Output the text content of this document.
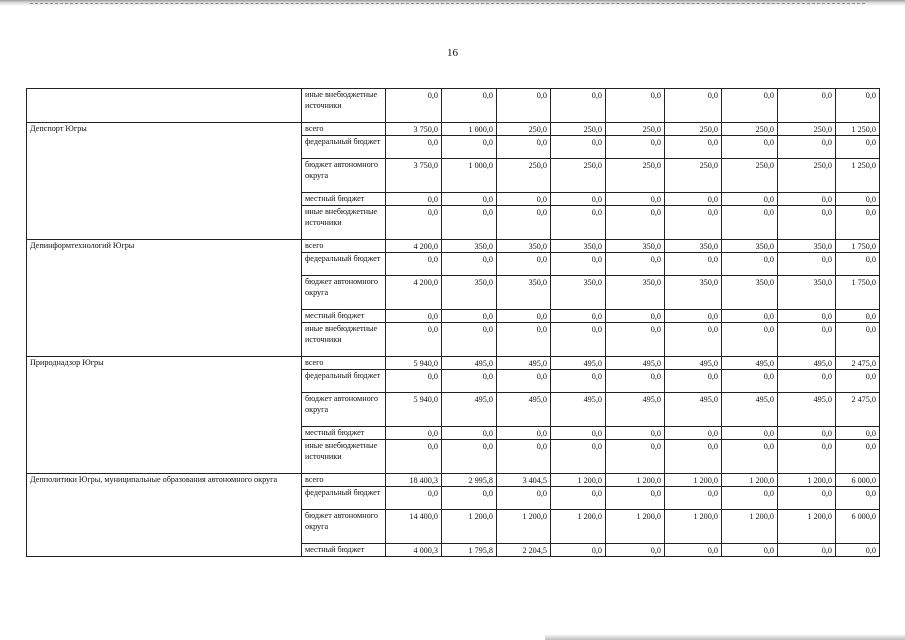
16

	иные внебюджетные источники	0,0	0,0	0,0	0,0	0,0	0,0	0,0	0,0	0,0

Депспорт Югры	всего	3 750,0	1 000,0	250,0	250,0	250,0	250,0	250,0	250,0	1 250,0

	федеральный бюджет	0,0	0,0	0,0	0,0	0,0	0,0	0,0	0,0	0,0

	бюджет автономного округа	3 750,0	1 000,0	250,0	250,0	250,0	250,0	250,0	250,0	1 250,0

	местный бюджет	0,0	0,0	0,0	0,0	0,0	0,0	0,0	0,0	0,0

	иные внебюджетные источники	0,0	0,0	0,0	0,0	0,0	0,0	0,0	0,0	0,0

Депинформтехнологий Югры	всего	4 200,0	350,0	350,0	350,0	350,0	350,0	350,0	350,0	1 750,0

	федеральный бюджет	0,0	0,0	0,0	0,0	0,0	0,0	0,0	0,0	0,0

	бюджет автономного округа	4 200,0	350,0	350,0	350,0	350,0	350,0	350,0	350,0	1 750,0

	местный бюджет	0,0	0,0	0,0	0,0	0,0	0,0	0,0	0,0	0,0

	иные внебюджетные источники	0,0	0,0	0,0	0,0	0,0	0,0	0,0	0,0	0,0

Природнадзор Югры	всего	5 940,0	495,0	495,0	495,0	495,0	495,0	495,0	495,0	2 475,0

	федеральный бюджет	0,0	0,0	0,0	0,0	0,0	0,0	0,0	0,0	0,0

	бюджет автономного округа	5 940,0	495,0	495,0	495,0	495,0	495,0	495,0	495,0	2 475,0

	местный бюджет	0,0	0,0	0,0	0,0	0,0	0,0	0,0	0,0	0,0

	иные внебюджетные источники	0,0	0,0	0,0	0,0	0,0	0,0	0,0	0,0	0,0

Депполитики Югры, муниципальные образования автономного округа	всего	18 400,3	2 995,8	3 404,5	1 200,0	1 200,0	1 200,0	1 200,0	1 200,0	6 000,0

	федеральный бюджет	0,0	0,0	0,0	0,0	0,0	0,0	0,0	0,0	0,0

	бюджет автономного округа	14 400,0	1 200,0	1 200,0	1 200,0	1 200,0	1 200,0	1 200,0	1 200,0	6 000,0

	местный бюджет	4 000,3	1 795,8	2 204,5	0,0	0,0	0,0	0,0	0,0	0,0
